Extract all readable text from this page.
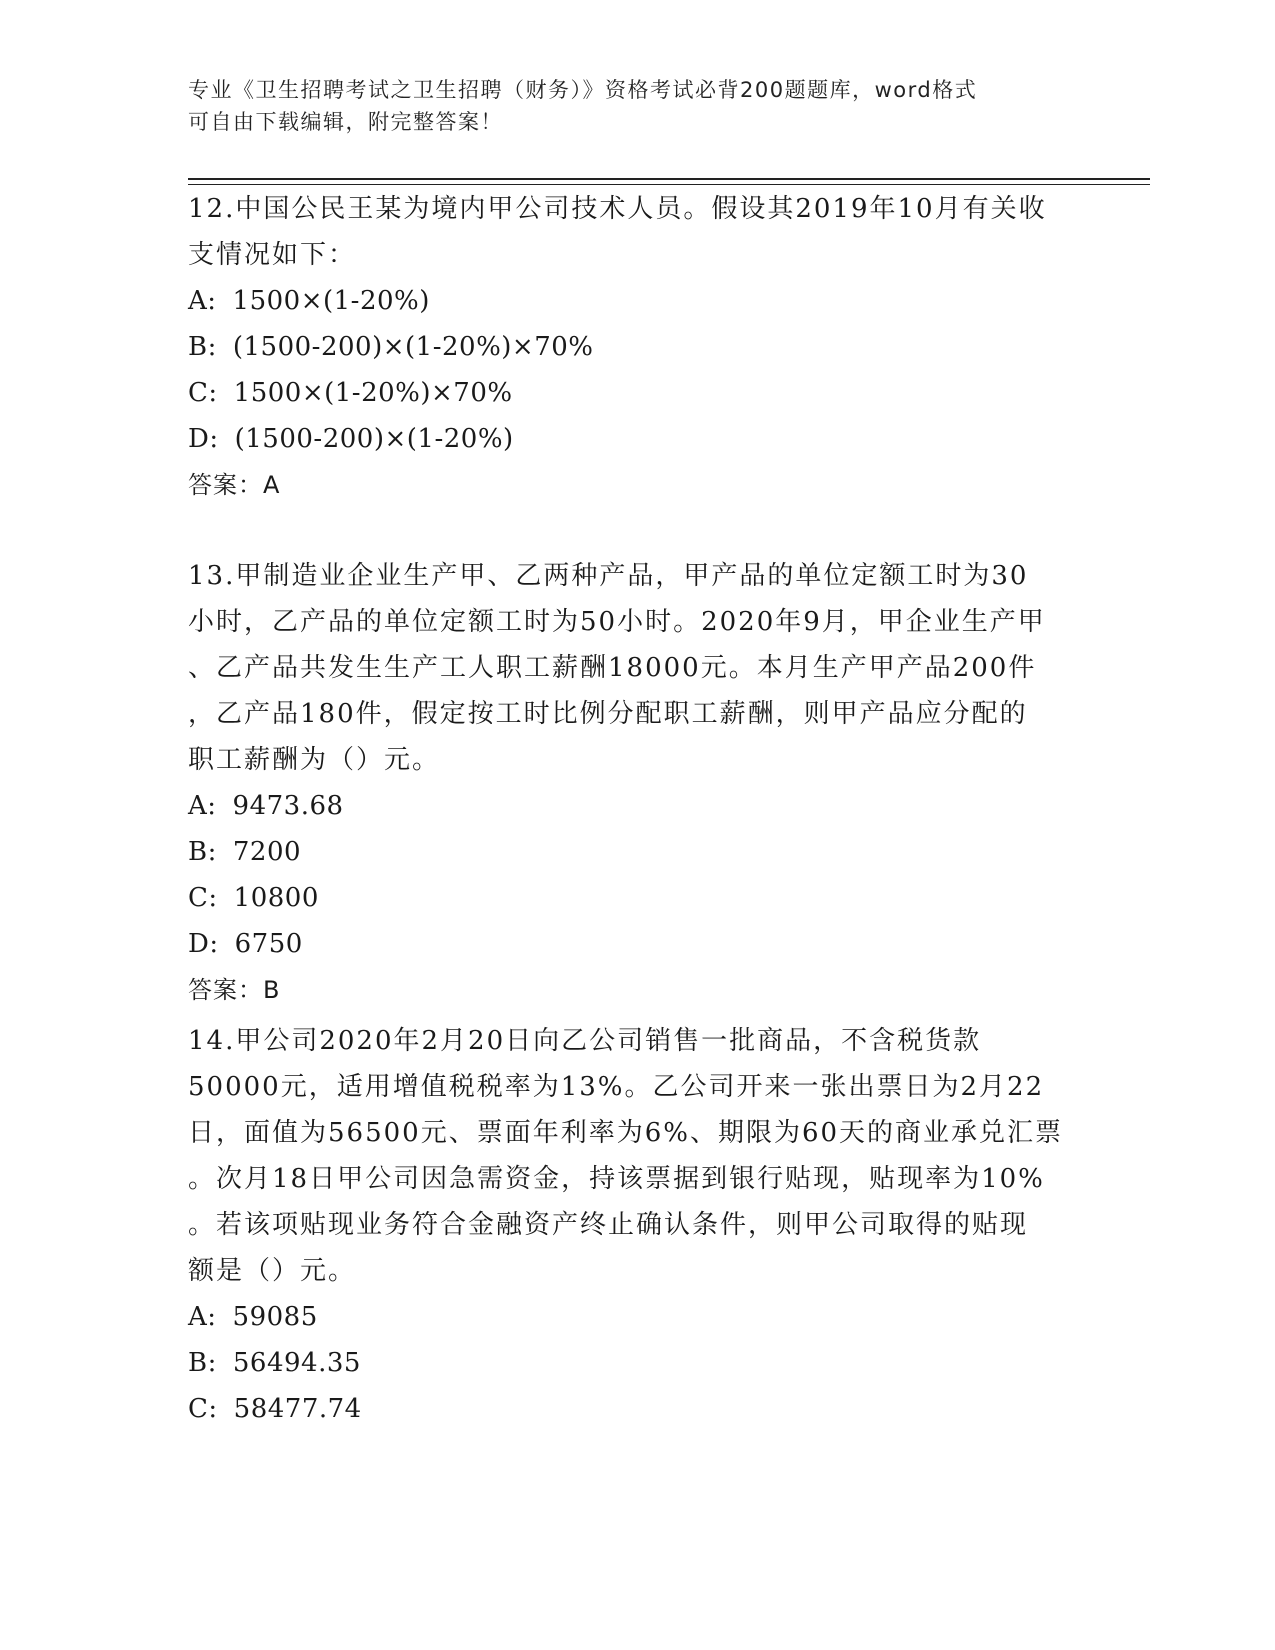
专业《卫生招聘考试之卫生招聘（财务）》资格考试必背200题题库，word格式
可自由下载编辑，附完整答案！
12.中国公民王某为境内甲公司技术人员。假设其2019年10月有关收
支情况如下：
A: 1500×(1-20%)
B: (1500-200)×(1-20%)×70%
C: 1500×(1-20%)×70%
D: (1500-200)×(1-20%)
答案：A
13.甲制造业企业生产甲、乙两种产品，甲产品的单位定额工时为30
小时，乙产品的单位定额工时为50小时。2020年9月，甲企业生产甲
、乙产品共发生生产工人职工薪酬18000元。本月生产甲产品200件
，乙产品180件，假定按工时比例分配职工薪酬，则甲产品应分配的
职工薪酬为（）元。
A: 9473.68
B: 7200
C: 10800
D: 6750
答案：B
14.甲公司2020年2月20日向乙公司销售一批商品，不含税货款
50000元，适用增值税税率为13%。乙公司开来一张出票日为2月22
日，面值为56500元、票面年利率为6%、期限为60天的商业承兑汇票
。次月18日甲公司因急需资金，持该票据到银行贴现，贴现率为10%
。若该项贴现业务符合金融资产终止确认条件，则甲公司取得的贴现
额是（）元。
A: 59085
B: 56494.35
C: 58477.74
